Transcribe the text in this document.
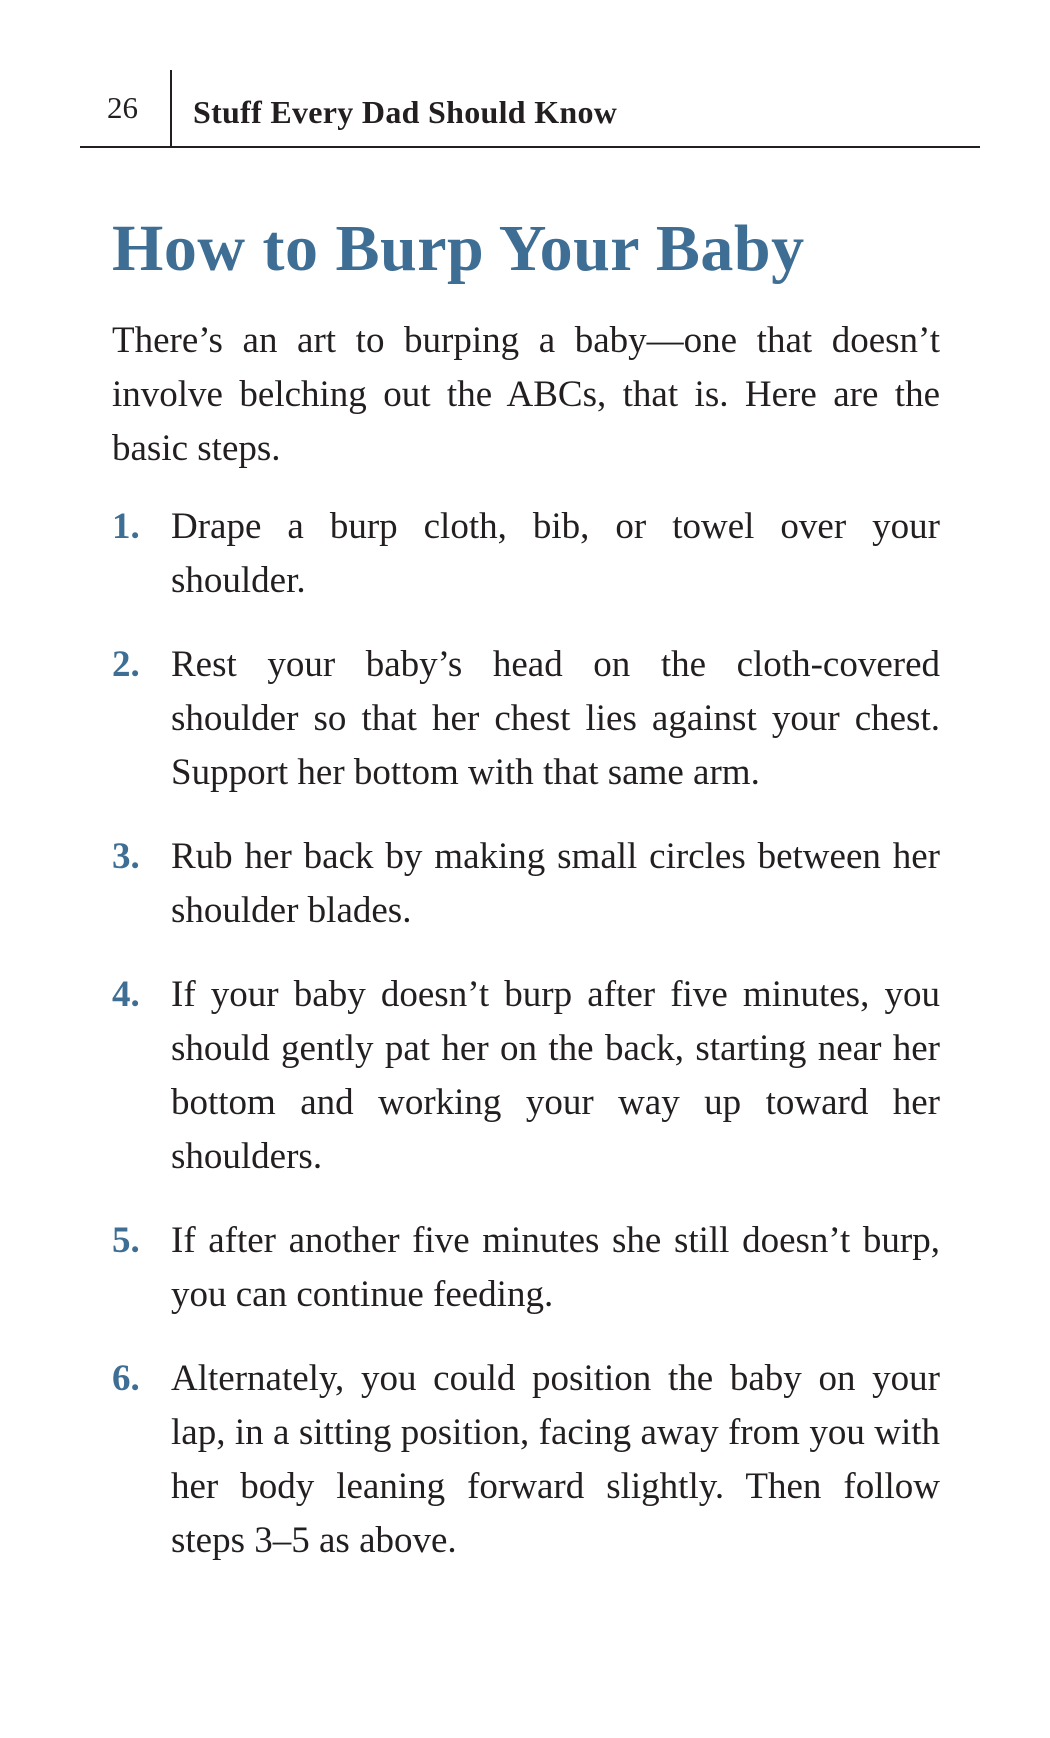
26 Stuff Every Dad Should Know
How to Burp Your Baby

There’s an art to burping a baby—one that doesn’t involve belching out the ABCs, that is. Here are the basic steps.

1. Drape a burp cloth, bib, or towel over your shoulder.
2. Rest your baby’s head on the cloth-covered shoulder so that her chest lies against your chest. Support her bottom with that same arm.
3. Rub her back by making small circles between her shoulder blades.
4. If your baby doesn’t burp after five minutes, you should gently pat her on the back, starting near her bottom and working your way up toward her shoulders.
5. If after another five minutes she still doesn’t burp, you can continue feeding.
6. Alternately, you could position the baby on your lap, in a sitting position, facing away from you with her body leaning forward slightly. Then follow steps 3–5 as above.
